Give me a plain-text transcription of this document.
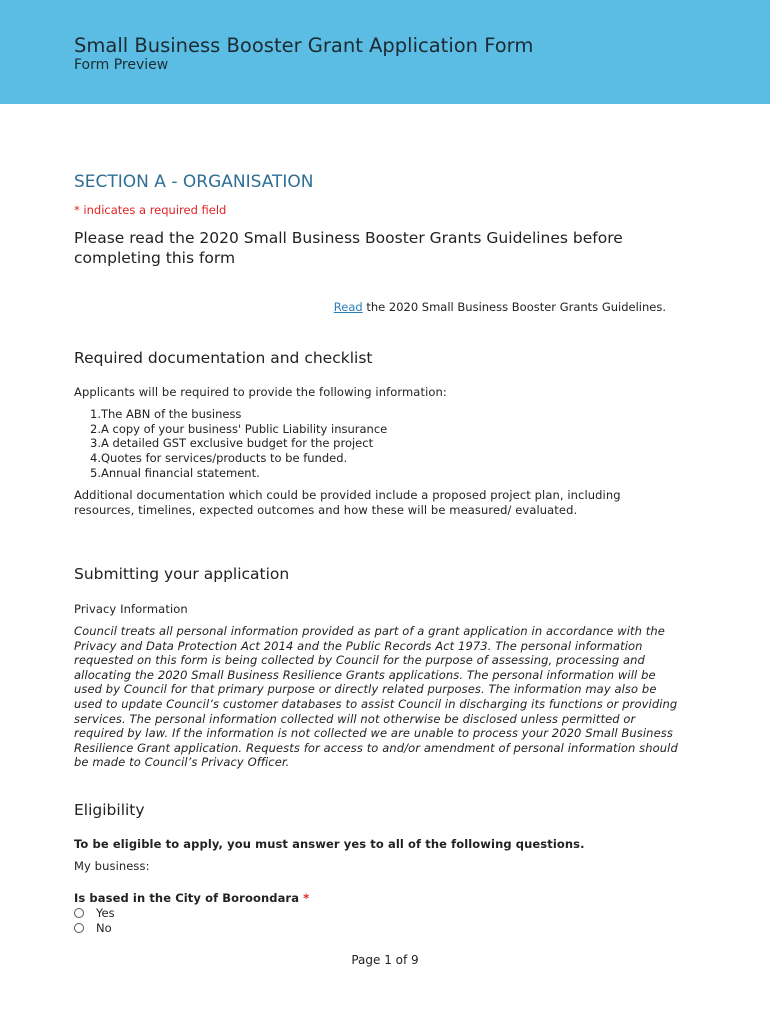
Small Business Booster Grant Application Form
Form Preview
SECTION A - ORGANISATION
* indicates a required field
Please read the 2020 Small Business Booster Grants Guidelines before completing this form
Read the 2020 Small Business Booster Grants Guidelines.
Required documentation and checklist
Applicants will be required to provide the following information:
1.The ABN of the business
2.A copy of your business' Public Liability insurance
3.A detailed GST exclusive budget for the project
4.Quotes for services/products to be funded.
5.Annual financial statement.
Additional documentation which could be provided include a proposed project plan, including resources, timelines, expected outcomes and how these will be measured/ evaluated.
Submitting your application
Privacy Information
Council treats all personal information provided as part of a grant application in accordance with the Privacy and Data Protection Act 2014 and the Public Records Act 1973. The personal information requested on this form is being collected by Council for the purpose of assessing, processing and allocating the 2020 Small Business Resilience Grants applications. The personal information will be used by Council for that primary purpose or directly related purposes. The information may also be used to update Council’s customer databases to assist Council in discharging its functions or providing services. The personal information collected will not otherwise be disclosed unless permitted or required by law. If the information is not collected we are unable to process your 2020 Small Business Resilience Grant application. Requests for access to and/or amendment of personal information should be made to Council’s Privacy Officer.
Eligibility
To be eligible to apply, you must answer yes to all of the following questions.
My business:
Is based in the City of Boroondara *
Yes
No
Page 1 of 9
